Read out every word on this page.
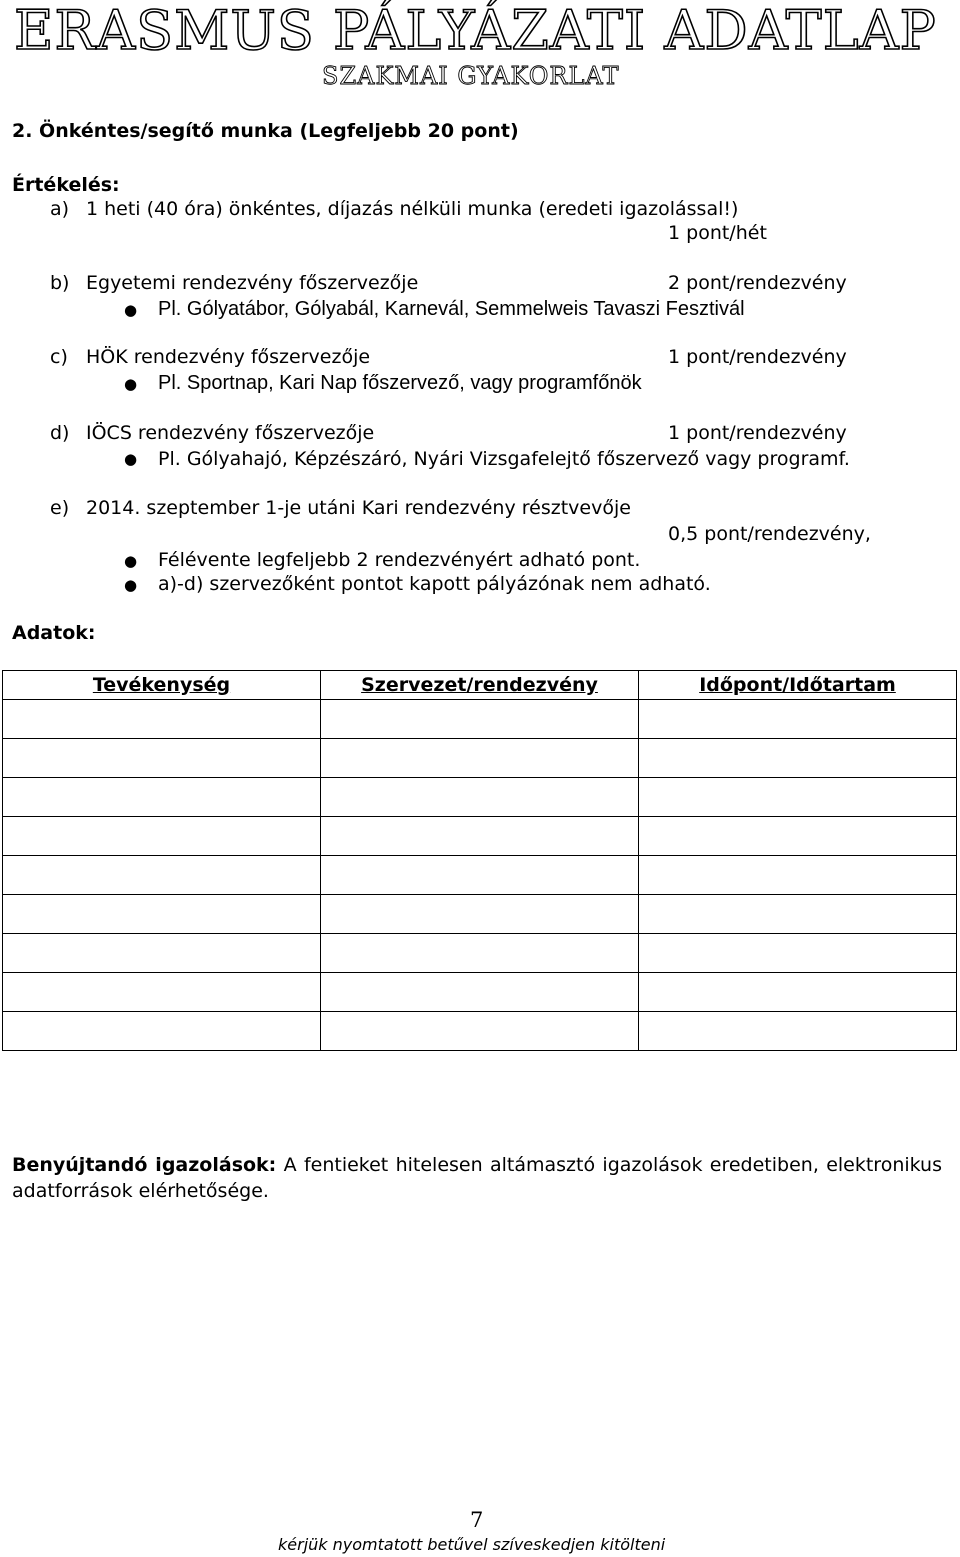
ERASMUS PÁLYÁZATI ADATLAP
SZAKMAI GYAKORLAT
2. Önkéntes/segítő munka (Legfeljebb 20 pont)
Értékelés:
a) 1 heti (40 óra) önkéntes, díjazás nélküli munka (eredeti igazolással!)
1 pont/hét
b) Egyetemi rendezvény főszervezője	2 pont/rendezvény
● Pl. Gólyatábor, Gólyabál, Karnevál, Semmelweis Tavaszi Fesztivál
c) HÖK rendezvény főszervezője	1 pont/rendezvény
● Pl. Sportnap, Kari Nap főszervező, vagy programfőnök
d) IÖCS rendezvény főszervezője	1 pont/rendezvény
● Pl. Gólyahajó, Képzészáró, Nyári Vizsgafelejtő főszervező vagy programf.
e) 2014. szeptember 1-je utáni Kari rendezvény résztvevője
0,5 pont/rendezvény,
● Félévente legfeljebb 2 rendezvényért adható pont.
● a)-d) szervezőként pontot kapott pályázónak nem adható.
Adatok:
Tevékenység	Szervezet/rendezvény	Időpont/Időtartam

Benyújtandó igazolások: A fentieket hitelesen altámasztó igazolások eredetiben, elektronikus adatforrások elérhetősége.
7
kérjük nyomtatott betűvel szíveskedjen kitölteni
